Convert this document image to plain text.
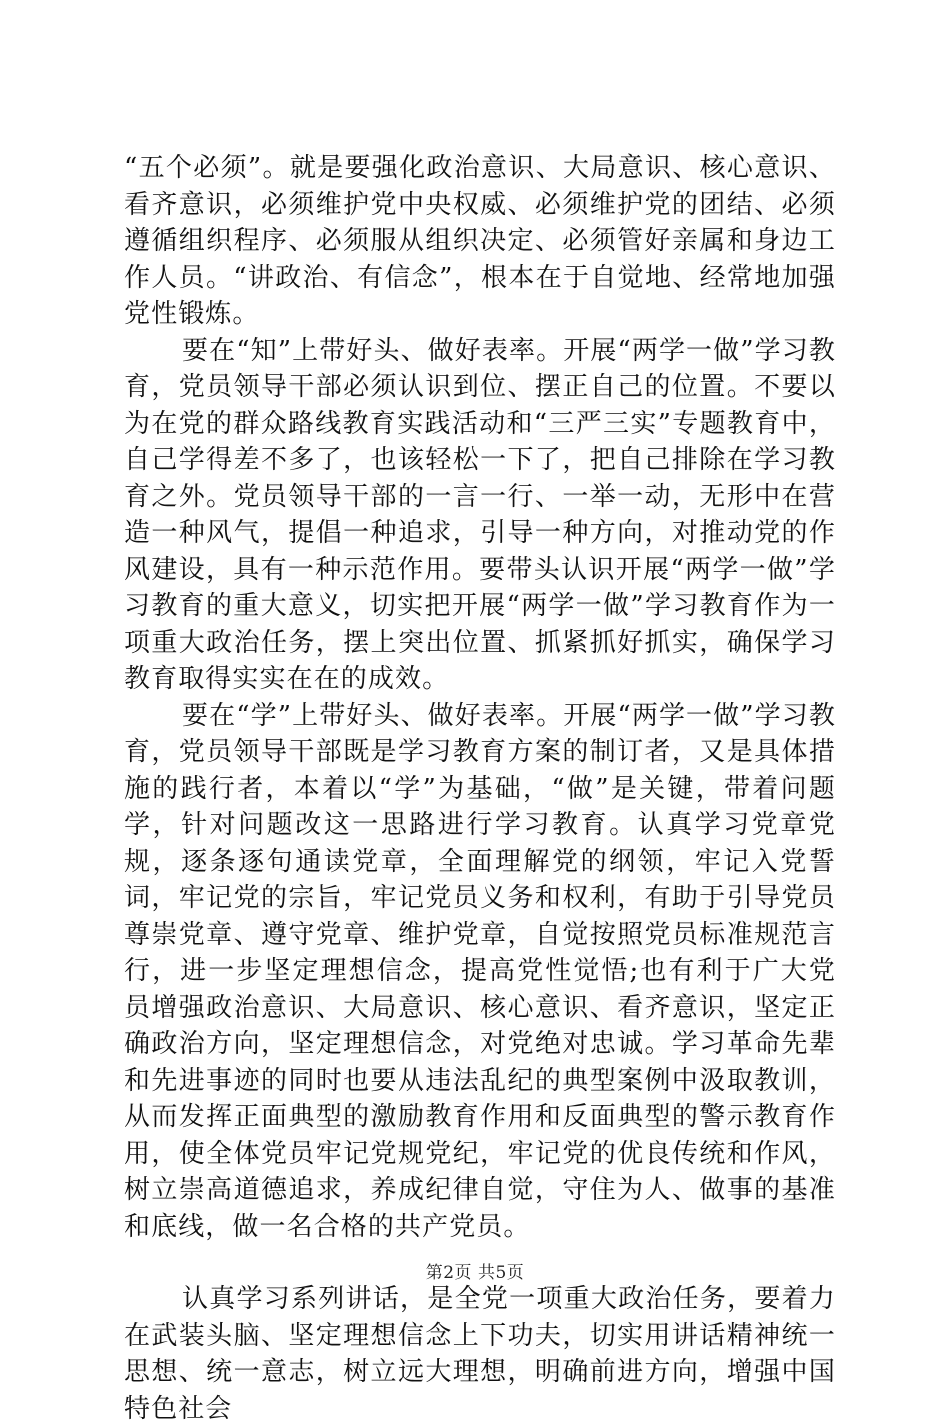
“五个必须”。就是要强化政治意识、大局意识、核心意识、看齐意识，必须维护党中央权威、必须维护党的团结、必须遵循组织程序、必须服从组织决定、必须管好亲属和身边工作人员。“讲政治、有信念”，根本在于自觉地、经常地加强党性锻炼。

要在“知”上带好头、做好表率。开展“两学一做”学习教育，党员领导干部必须认识到位、摆正自己的位置。不要以为在党的群众路线教育实践活动和“三严三实”专题教育中，自己学得差不多了，也该轻松一下了，把自己排除在学习教育之外。党员领导干部的一言一行、一举一动，无形中在营造一种风气，提倡一种追求，引导一种方向，对推动党的作风建设，具有一种示范作用。要带头认识开展“两学一做”学习教育的重大意义，切实把开展“两学一做”学习教育作为一项重大政治任务，摆上突出位置、抓紧抓好抓实，确保学习教育取得实实在在的成效。

要在“学”上带好头、做好表率。开展“两学一做”学习教育，党员领导干部既是学习教育方案的制订者，又是具体措施的践行者，本着以“学”为基础，“做”是关键，带着问题学，针对问题改这一思路进行学习教育。认真学习党章党规，逐条逐句通读党章，全面理解党的纲领，牢记入党誓词，牢记党的宗旨，牢记党员义务和权利，有助于引导党员尊崇党章、遵守党章、维护党章，自觉按照党员标准规范言行，进一步坚定理想信念，提高党性觉悟;也有利于广大党员增强政治意识、大局意识、核心意识、看齐意识，坚定正确政治方向，坚定理想信念，对党绝对忠诚。学习革命先辈和先进事迹的同时也要从违法乱纪的典型案例中汲取教训，从而发挥正面典型的激励教育作用和反面典型的警示教育作用，使全体党员牢记党规党纪，牢记党的优良传统和作风，树立崇高道德追求，养成纪律自觉，守住为人、做事的基准和底线，做一名合格的共产党员。

认真学习系列讲话，是全党一项重大政治任务，要着力在武装头脑、坚定理想信念上下功夫，切实用讲话精神统一思想、统一意志，树立远大理想，明确前进方向，增强中国特色社会

第2页 共5页
